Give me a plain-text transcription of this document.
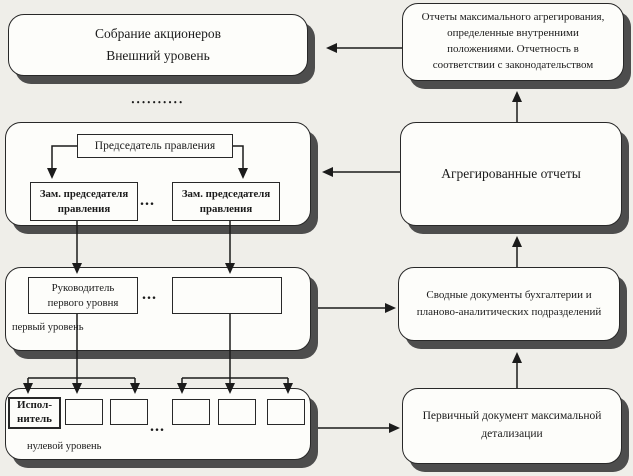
Собрание акционеров
Внешний уровень
Отчеты максимального агрегирования,
определенные внутренними
положениями. Отчетность в
соответствии с законодательством
Агрегированные отчеты
Сводные документы бухгалтерии и
планово-аналитических подразделений
Первичный документ максимальной
детализации
••••••••••
Председатель правления
Зам. председателя
правления
Зам. председателя
правления
...
Руководитель
первого уровня ...
первый уровень
Испол-
нитель	...
нулевой уровень
